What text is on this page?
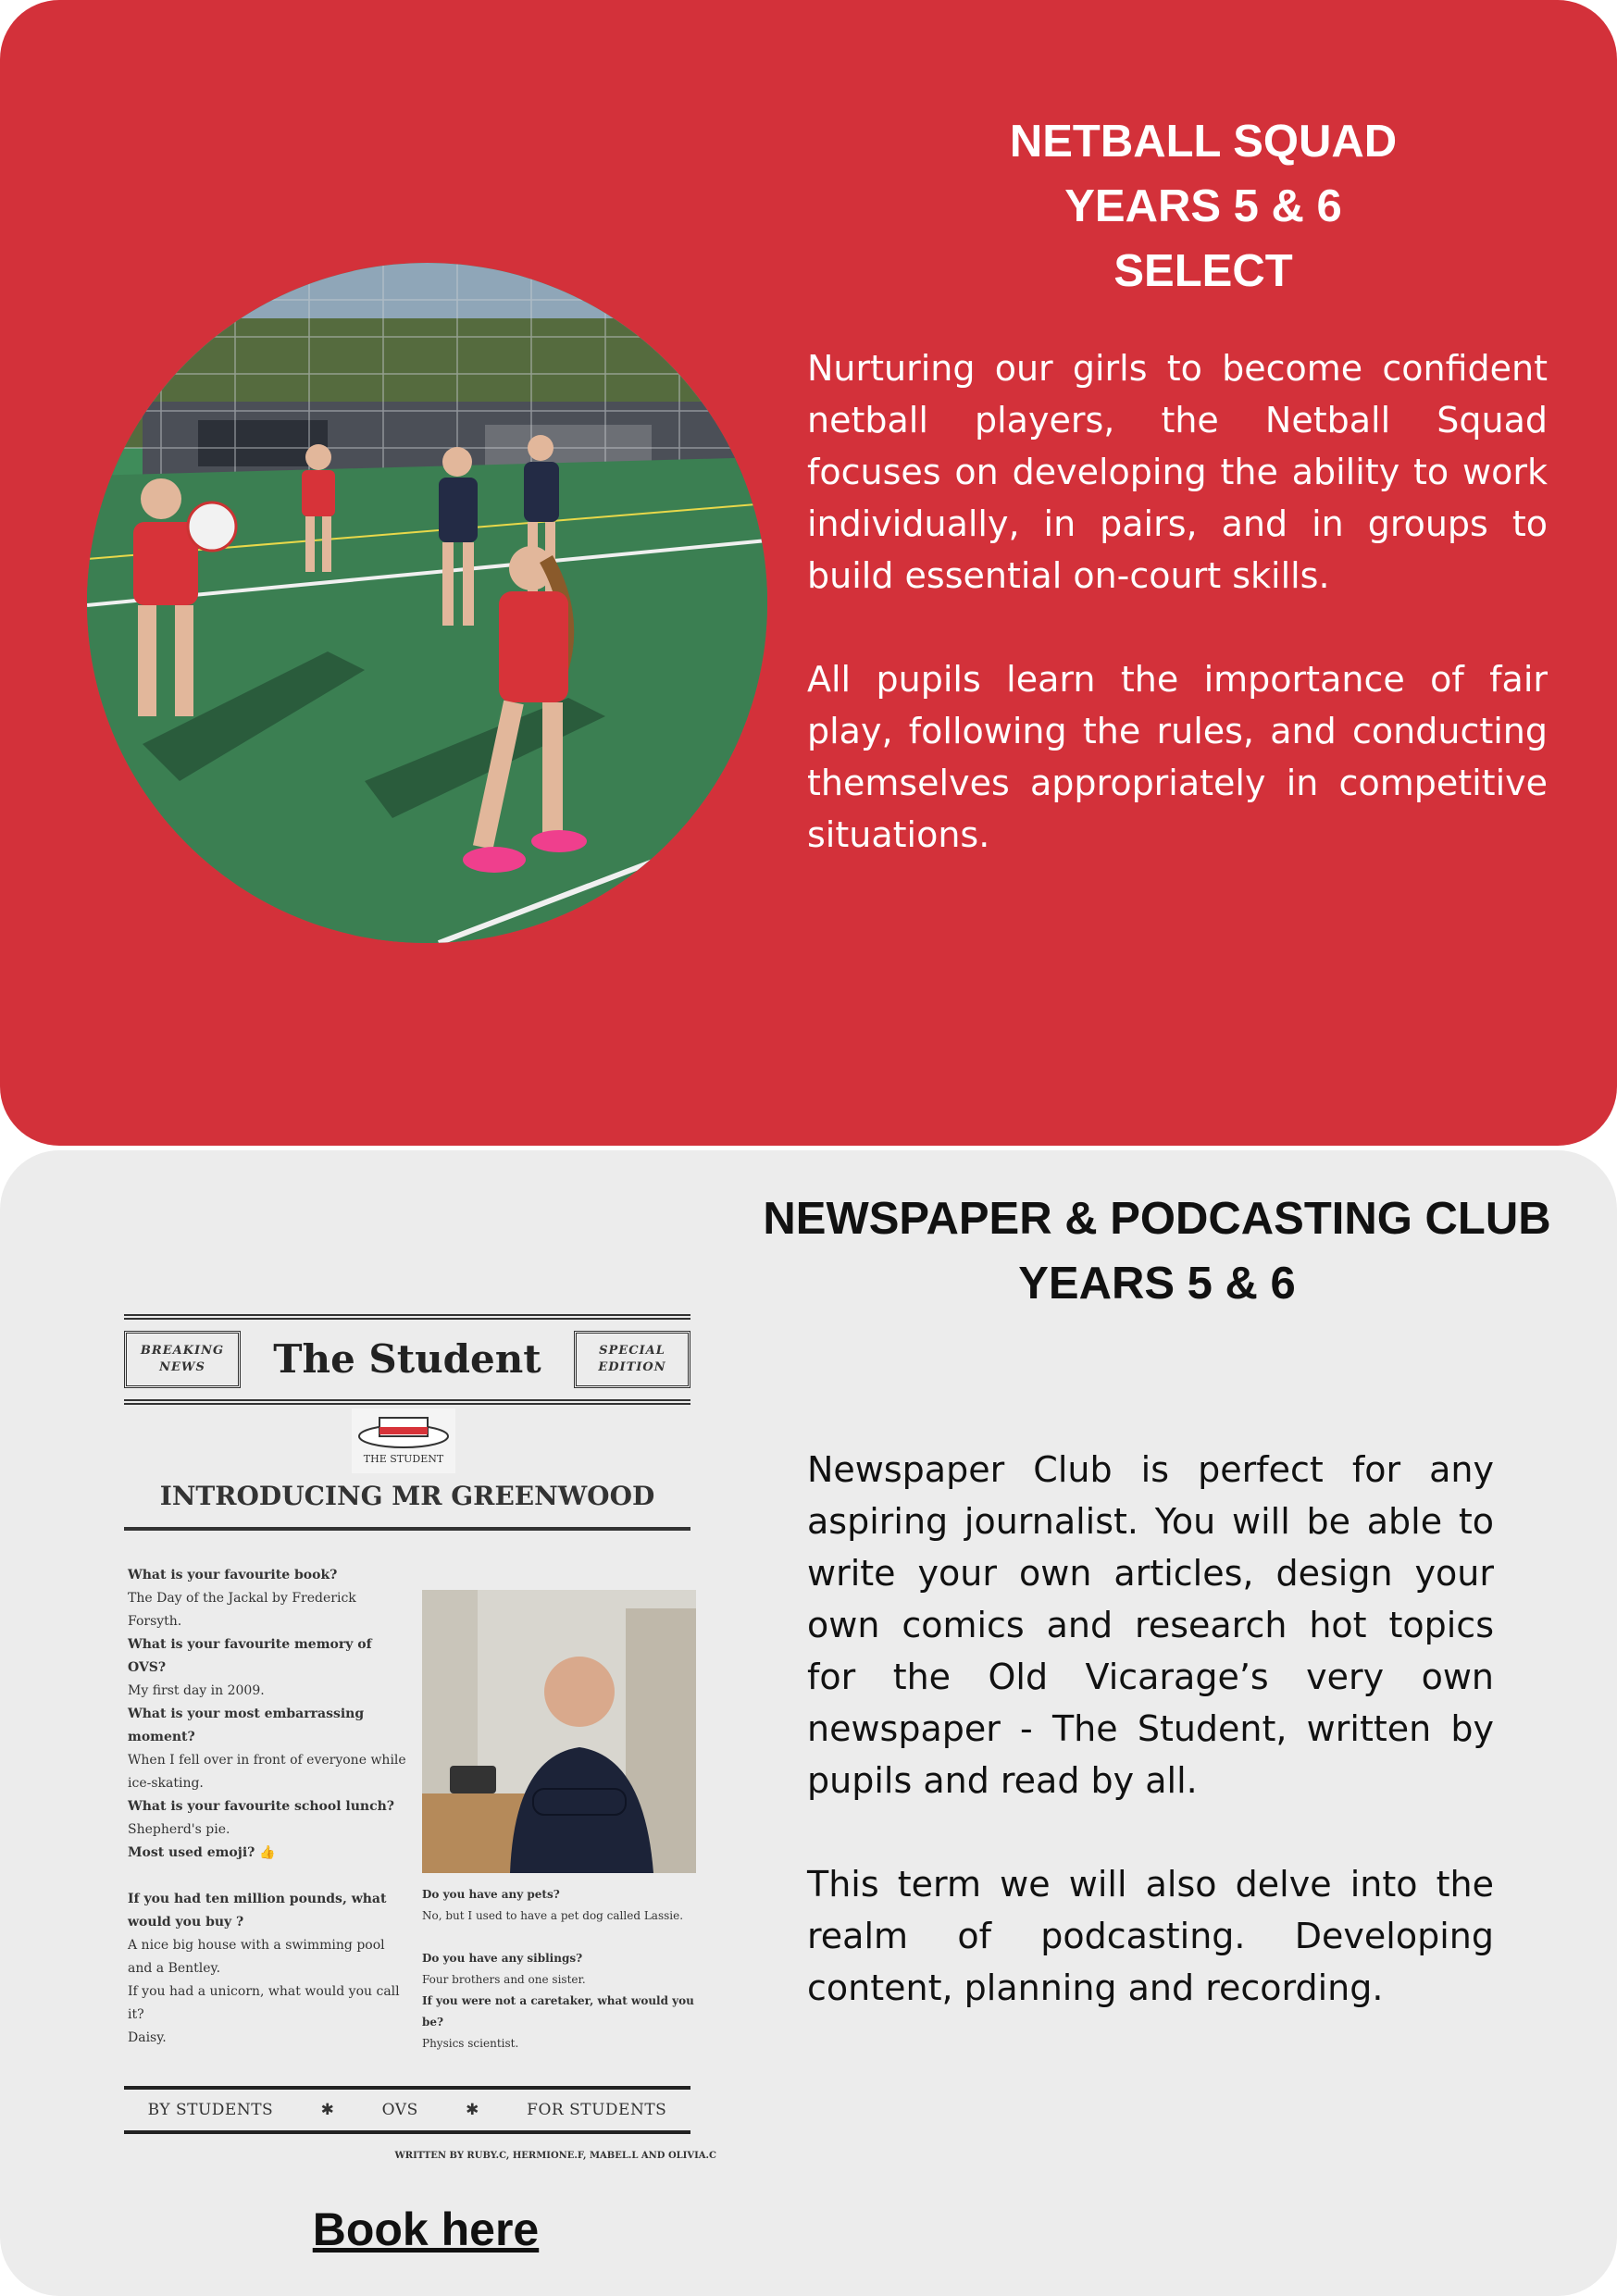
NETBALL SQUAD
YEARS 5 & 6
SELECT

Nurturing our girls to become confident netball players, the Netball Squad focuses on developing the ability to work individually, in pairs, and in groups to build essential on-court skills.

All pupils learn the importance of fair play, following the rules, and conducting themselves appropriately in competitive situations.

NEWSPAPER & PODCASTING CLUB
YEARS 5 & 6

Newspaper Club is perfect for any aspiring journalist. You will be able to write your own articles, design your own comics and research hot topics for the Old Vicarage’s very own newspaper - The Student, written by pupils and read by all.

This term we will also delve into the realm of podcasting. Developing content, planning and recording.

BREAKING
NEWS	The Student	SPECIAL
EDITION
THE STUDENT
INTRODUCING MR GREENWOOD
What is your favourite book?
The Day of the Jackal by Frederick Forsyth.
What is your favourite memory of OVS?
My first day in 2009.
What is your most embarrassing moment?
When I fell over in front of everyone while ice-skating.
What is your favourite school lunch?
Shepherd's pie.
Most used emoji? 👍
If you had ten million pounds, what would you buy ?
A nice big house with a swimming pool and a Bentley.
If you had a unicorn, what would you call it?
Daisy.
Do you have any pets?
No, but I used to have a pet dog called Lassie.
Do you have any siblings?
Four brothers and one sister.
If you were not a caretaker, what would you be?
Physics scientist.
BY STUDENTS	✱	OVS	✱	FOR STUDENTS
WRITTEN BY RUBY.C, HERMIONE.F, MABEL.L AND OLIVIA.C
Book here
